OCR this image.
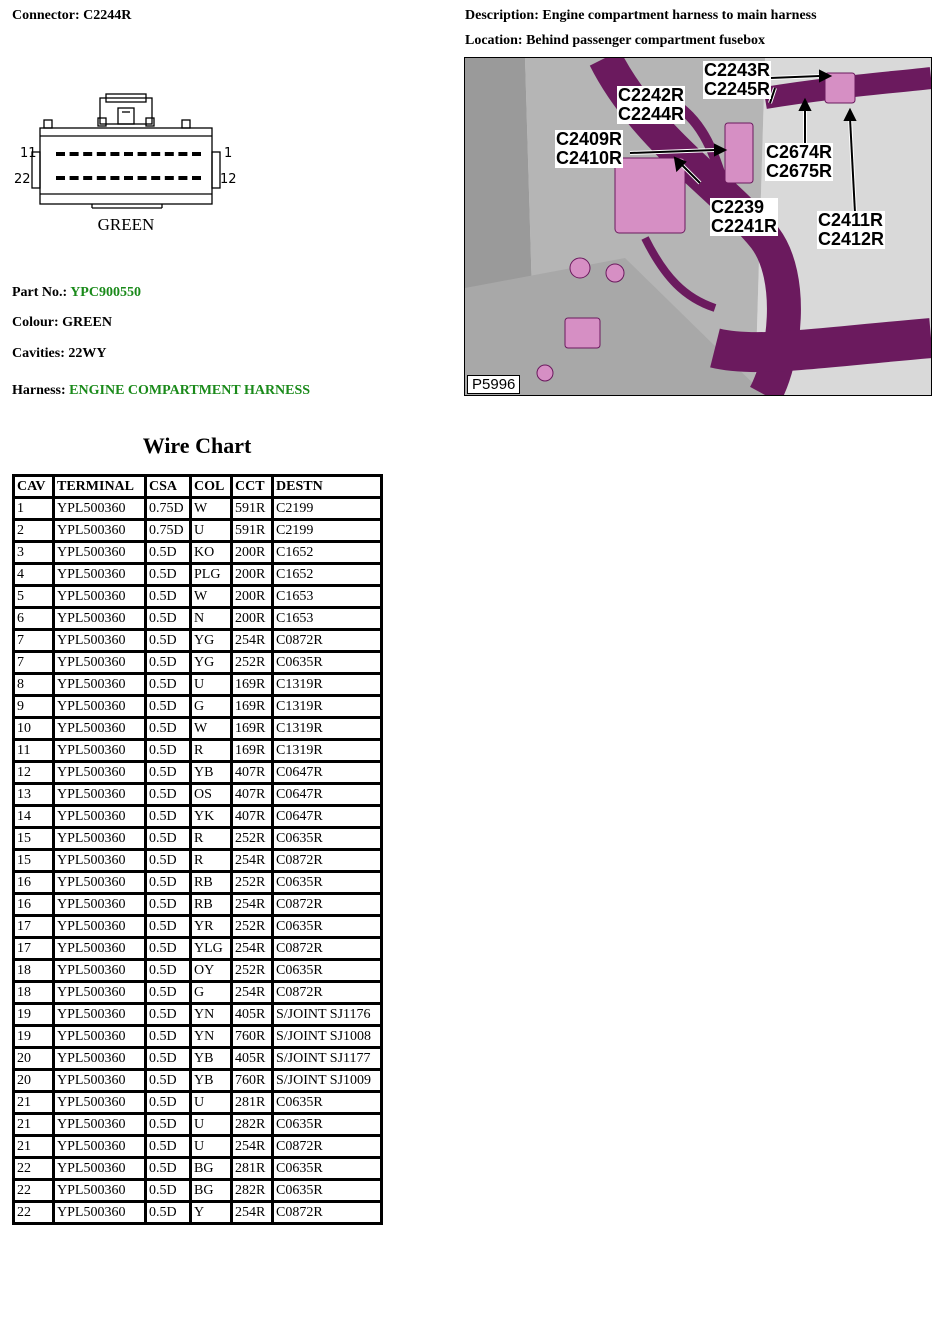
Connector: C2244R	Description: Engine compartment harness to main harness
Location: Behind passenger compartment fusebox
11	1
22	12
GREEN
Part No.: YPC900550
Colour: GREEN
Cavities: 22WY
Harness: ENGINE COMPARTMENT HARNESS
C2243R
C2245R
C2242R
C2244R
C2409R
C2410R	C2674R
C2675R
C2239
C2241R C2411R
C2412R
P5996
Wire Chart
CAV	TERMINAL	CSA	COL	CCT	DESTN
1	YPL500360	0.75D	W	591R	C2199
2	YPL500360	0.75D	U	591R	C2199
3	YPL500360	0.5D	KO	200R	C1652
4	YPL500360	0.5D	PLG	200R	C1652
5	YPL500360	0.5D	W	200R	C1653
6	YPL500360	0.5D	N	200R	C1653
7	YPL500360	0.5D	YG	254R	C0872R
7	YPL500360	0.5D	YG	252R	C0635R
8	YPL500360	0.5D	U	169R	C1319R
9	YPL500360	0.5D	G	169R	C1319R
10	YPL500360	0.5D	W	169R	C1319R
11	YPL500360	0.5D	R	169R	C1319R
12	YPL500360	0.5D	YB	407R	C0647R
13	YPL500360	0.5D	OS	407R	C0647R
14	YPL500360	0.5D	YK	407R	C0647R
15	YPL500360	0.5D	R	252R	C0635R
15	YPL500360	0.5D	R	254R	C0872R
16	YPL500360	0.5D	RB	252R	C0635R
16	YPL500360	0.5D	RB	254R	C0872R
17	YPL500360	0.5D	YR	252R	C0635R
17	YPL500360	0.5D	YLG	254R	C0872R
18	YPL500360	0.5D	OY	252R	C0635R
18	YPL500360	0.5D	G	254R	C0872R
19	YPL500360	0.5D	YN	405R	S/JOINT SJ1176
19	YPL500360	0.5D	YN	760R	S/JOINT SJ1008
20	YPL500360	0.5D	YB	405R	S/JOINT SJ1177
20	YPL500360	0.5D	YB	760R	S/JOINT SJ1009
21	YPL500360	0.5D	U	281R	C0635R
21	YPL500360	0.5D	U	282R	C0635R
21	YPL500360	0.5D	U	254R	C0872R
22	YPL500360	0.5D	BG	281R	C0635R
22	YPL500360	0.5D	BG	282R	C0635R
22	YPL500360	0.5D	Y	254R	C0872R
